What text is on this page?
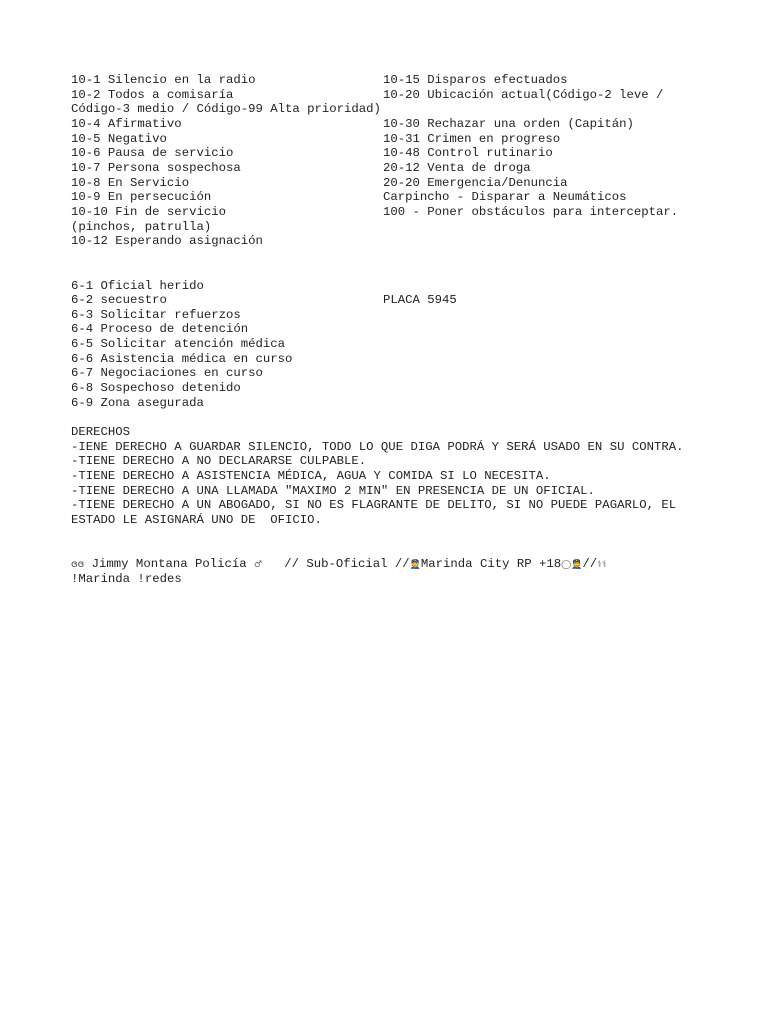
10-1 Silencio en la radio
10-2 Todos a comisaría
Código-3 medio / Código-99 Alta prioridad)
10-4 Afirmativo
10-5 Negativo
10-6 Pausa de servicio
10-7 Persona sospechosa
10-8 En Servicio
10-9 En persecución
10-10 Fin de servicio
(pinchos, patrulla)
10-12 Esperando asignación
10-15 Disparos efectuados
10-20 Ubicación actual(Código-2 leve /
10-30 Rechazar una orden (Capitán)
10-31 Crimen en progreso
10-48 Control rutinario
20-12 Venta de droga
20-20 Emergencia/Denuncia
Carpincho - Disparar a Neumáticos
100 - Poner obstáculos para interceptar.
6-1 Oficial herido
6-2 secuestro
6-3 Solicitar refuerzos
6-4 Proceso de detención
6-5 Solicitar atención médica
6-6 Asistencia médica en curso
6-7 Negociaciones en curso
6-8 Sospechoso detenido
6-9 Zona asegurada
PLACA 5945
DERECHOS
-IENE DERECHO A GUARDAR SILENCIO, TODO LO QUE DIGA PODRÁ Y SERÁ USADO EN SU CONTRA.
-TIENE DERECHO A NO DECLARARSE CULPABLE.
-TIENE DERECHO A ASISTENCIA MÉDICA, AGUA Y COMIDA SI LO NECESITA.
-TIENE DERECHO A UNA LLAMADA "MAXIMO 2 MIN" EN PRESENCIA DE UN OFICIAL.
-TIENE DERECHO A UN ABOGADO, SI NO ES FLAGRANTE DE DELITO, SI NO PUEDE PAGARLO, EL
ESTADO LE ASIGNARÁ UNO DE  OFICIO.
ɞɞ Jimmy Montana Policía ♂   // Sub-Oficial //👮Marinda City RP +18◯👮//⚕⚕
!Marinda !redes
